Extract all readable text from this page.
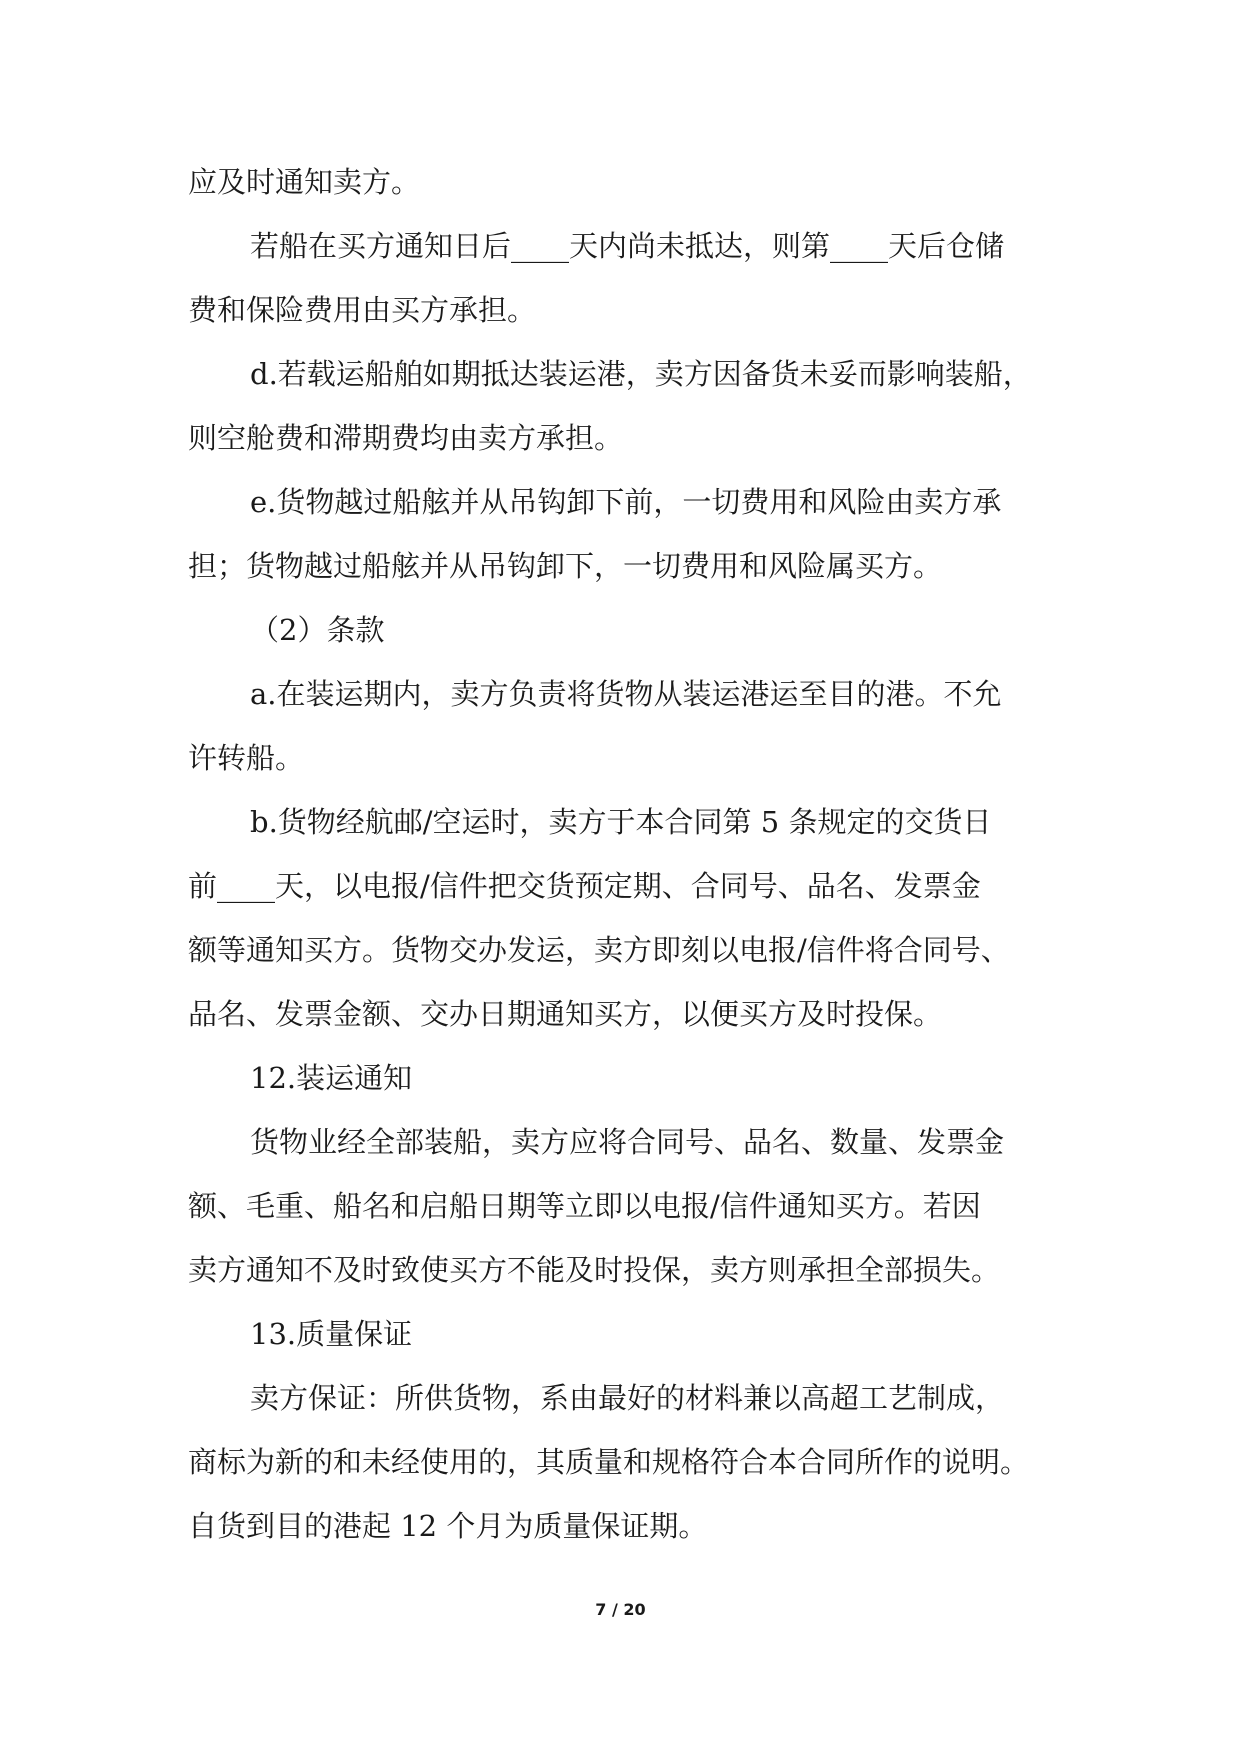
应及时通知卖方。
若船在买方通知日后____天内尚未抵达，则第____天后仓储
费和保险费用由买方承担。
d.若载运船舶如期抵达装运港，卖方因备货未妥而影响装船，
则空舱费和滞期费均由卖方承担。
e.货物越过船舷并从吊钩卸下前，一切费用和风险由卖方承
担；货物越过船舷并从吊钩卸下，一切费用和风险属买方。
（2）条款
a.在装运期内，卖方负责将货物从装运港运至目的港。不允
许转船。
b.货物经航邮/空运时，卖方于本合同第 5 条规定的交货日
前____天，以电报/信件把交货预定期、合同号、品名、发票金
额等通知买方。货物交办发运，卖方即刻以电报/信件将合同号、
品名、发票金额、交办日期通知买方，以便买方及时投保。
12.装运通知
货物业经全部装船，卖方应将合同号、品名、数量、发票金
额、毛重、船名和启船日期等立即以电报/信件通知买方。若因
卖方通知不及时致使买方不能及时投保，卖方则承担全部损失。
13.质量保证
卖方保证：所供货物，系由最好的材料兼以高超工艺制成，
商标为新的和未经使用的，其质量和规格符合本合同所作的说明。
自货到目的港起 12 个月为质量保证期。
7 / 20
